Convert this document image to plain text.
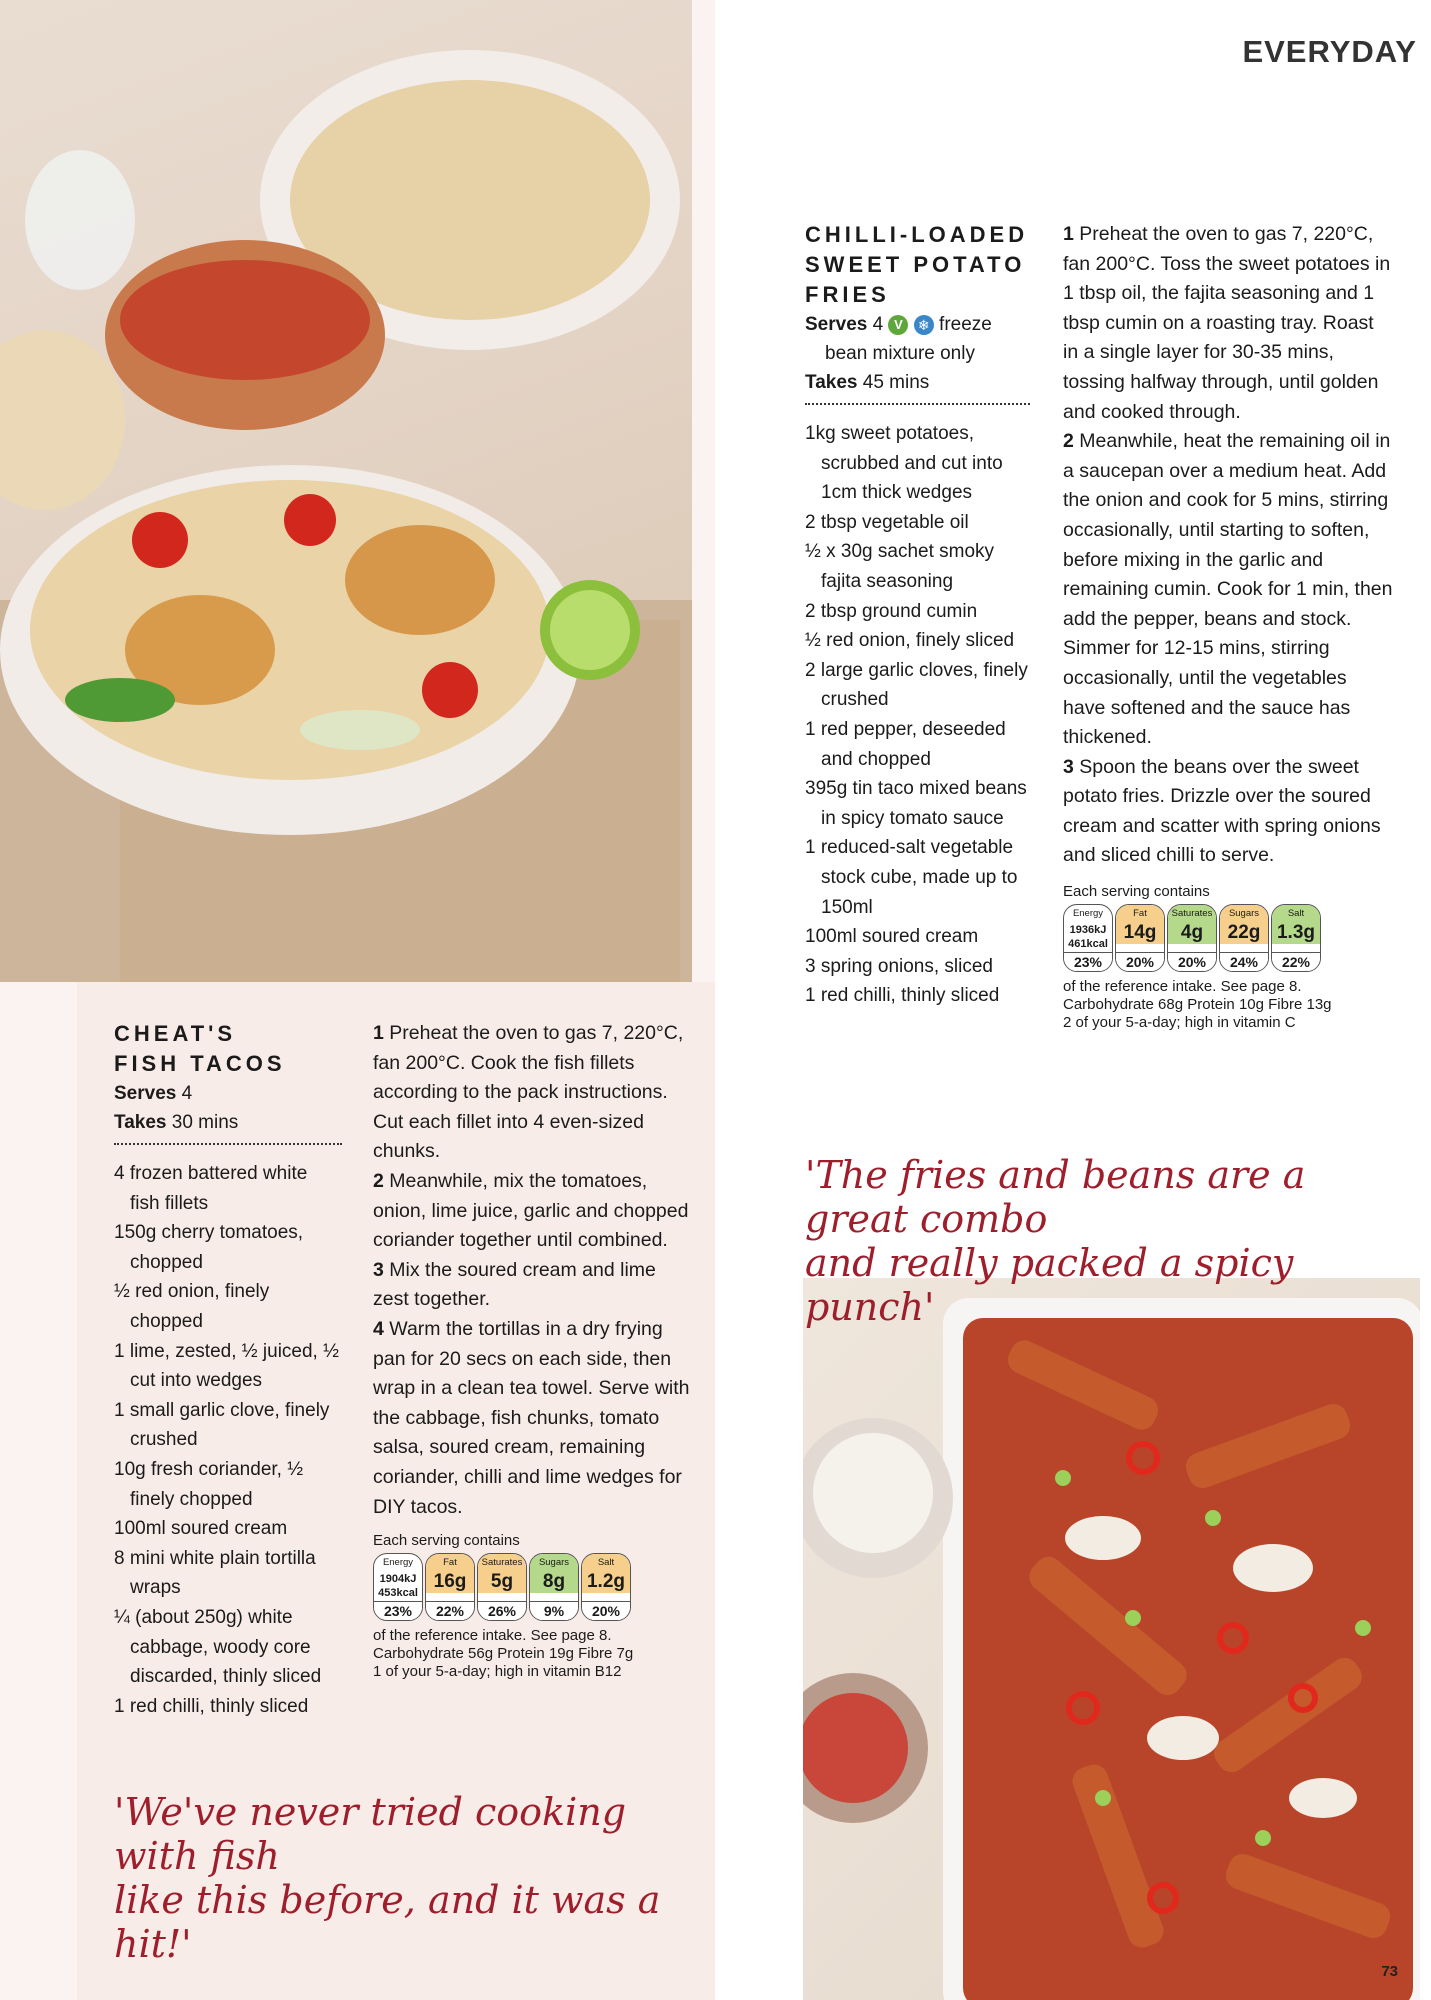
73
EVERYDAY
CHILLI-LOADED
SWEET POTATO
FRIES
Serves 4 V ❄ freeze
bean mixture only
Takes 45 mins
1kg sweet potatoes, scrubbed and cut into 1cm thick wedges
2 tbsp vegetable oil
½ x 30g sachet smoky fajita seasoning
2 tbsp ground cumin
½ red onion, finely sliced
2 large garlic cloves, finely crushed
1 red pepper, deseeded and chopped
395g tin taco mixed beans in spicy tomato sauce
1 reduced-salt vegetable stock cube, made up to 150ml
100ml soured cream
3 spring onions, sliced
1 red chilli, thinly sliced

1 Preheat the oven to gas 7, 220°C, fan 200°C. Toss the sweet potatoes in 1 tbsp oil, the fajita seasoning and 1 tbsp cumin on a roasting tray. Roast in a single layer for 30-35 mins, tossing halfway through, until golden and cooked through.

2 Meanwhile, heat the remaining oil in a saucepan over a medium heat. Add the onion and cook for 5 mins, stirring occasionally, until starting to soften, before mixing in the garlic and remaining cumin. Cook for 1 min, then add the pepper, beans and stock. Simmer for 12-15 mins, stirring occasionally, until the vegetables have softened and the sauce has thickened.

3 Spoon the beans over the sweet potato fries. Drizzle over the soured cream and scatter with spring onions and sliced chilli to serve.

Each serving contains
Energy
1936kJ
461kcal
23%
Fat
14g
20%
Saturates
4g
20%
Sugars
22g
24%
Salt
1.3g
22%
of the reference intake. See page 8.
Carbohydrate 68g Protein 10g Fibre 13g
2 of your 5-a-day; high in vitamin C
'The fries and beans are a great combo
and really packed a spicy punch'
CHEAT'S
FISH TACOS
Serves 4
Takes 30 mins
4 frozen battered white fish fillets
150g cherry tomatoes, chopped
½ red onion, finely chopped
1 lime, zested, ½ juiced, ½ cut into wedges
1 small garlic clove, finely crushed
10g fresh coriander, ½ finely chopped
100ml soured cream
8 mini white plain tortilla wraps
¼ (about 250g) white cabbage, woody core discarded, thinly sliced
1 red chilli, thinly sliced

1 Preheat the oven to gas 7, 220°C, fan 200°C. Cook the fish fillets according to the pack instructions. Cut each fillet into 4 even-sized chunks.

2 Meanwhile, mix the tomatoes, onion, lime juice, garlic and chopped coriander together until combined.

3 Mix the soured cream and lime zest together.

4 Warm the tortillas in a dry frying pan for 20 secs on each side, then wrap in a clean tea towel. Serve with the cabbage, fish chunks, tomato salsa, soured cream, remaining coriander, chilli and lime wedges for DIY tacos.

Each serving contains
Energy
1904kJ
453kcal
23%
Fat
16g
22%
Saturates
5g
26%
Sugars
8g
9%
Salt
1.2g
20%
of the reference intake. See page 8.
Carbohydrate 56g Protein 19g Fibre 7g
1 of your 5-a-day; high in vitamin B12
'We've never tried cooking with fish
like this before, and it was a hit!'
